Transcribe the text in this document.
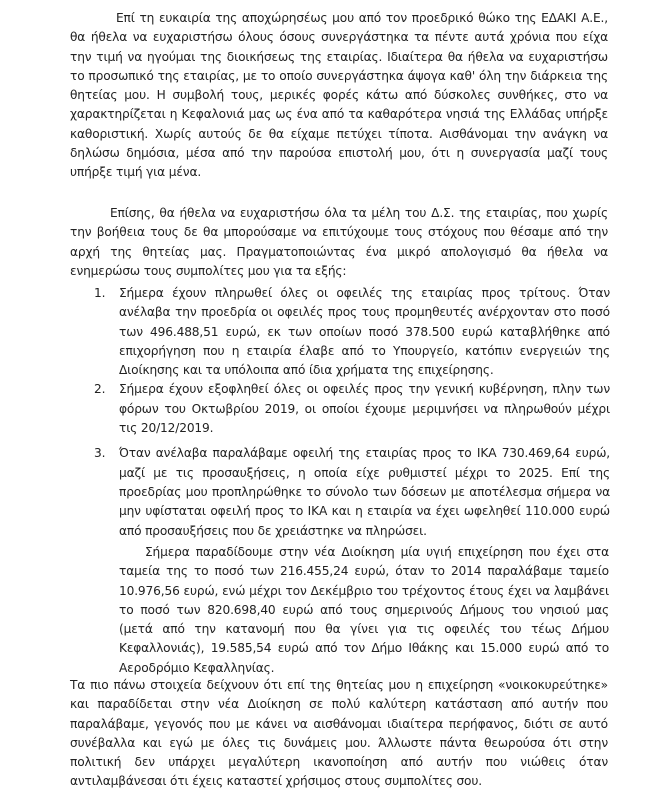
Επί τη ευκαιρία της αποχώρησέως μου από τον προεδρικό θώκο της ΕΔΑΚΙ Α.Ε., θα ήθελα να ευχαριστήσω όλους όσους συνεργάστηκα τα πέντε αυτά χρόνια που είχα την τιμή να ηγούμαι της διοικήσεως της εταιρίας. Ιδιαίτερα θα ήθελα να ευχαριστήσω το προσωπικό της εταιρίας, με το οποίο συνεργάστηκα άψογα καθ' όλη την διάρκεια της θητείας μου. Η συμβολή τους, μερικές φορές κάτω από δύσκολες συνθήκες, στο να χαρακτηρίζεται η Κεφαλονιά μας ως ένα από τα καθαρότερα νησιά της Ελλάδας υπήρξε καθοριστική. Χωρίς αυτούς δε θα είχαμε πετύχει τίποτα. Αισθάνομαι την ανάγκη να δηλώσω δημόσια, μέσα από την παρούσα επιστολή μου, ότι η συνεργασία μαζί τους υπήρξε τιμή για μένα.

Επίσης, θα ήθελα να ευχαριστήσω όλα τα μέλη του Δ.Σ. της εταιρίας, που χωρίς την βοήθεια τους δε θα μπορούσαμε να επιτύχουμε τους στόχους που θέσαμε από την αρχή της θητείας μας. Πραγματοποιώντας ένα μικρό απολογισμό θα ήθελα να ενημερώσω τους συμπολίτες μου για τα εξής:

1. Σήμερα έχουν πληρωθεί όλες οι οφειλές της εταιρίας προς τρίτους. Όταν ανέλαβα την προεδρία οι οφειλές προς τους προμηθευτές ανέρχονταν στο ποσό των 496.488,51 ευρώ, εκ των οποίων ποσό 378.500 ευρώ καταβλήθηκε από επιχορήγηση που η εταιρία έλαβε από το Υπουργείο, κατόπιν ενεργειών της Διοίκησης και τα υπόλοιπα από ίδια χρήματα της επιχείρησης.
2. Σήμερα έχουν εξοφληθεί όλες οι οφειλές προς την γενική κυβέρνηση, πλην των φόρων του Οκτωβρίου 2019, οι οποίοι έχουμε μεριμνήσει να πληρωθούν μέχρι τις 20/12/2019.
3. Όταν ανέλαβα παραλάβαμε οφειλή της εταιρίας προς το ΙΚΑ 730.469,64 ευρώ, μαζί με τις προσαυξήσεις, η οποία είχε ρυθμιστεί μέχρι το 2025. Επί της προεδρίας μου προπληρώθηκε το σύνολο των δόσεων με αποτέλεσμα σήμερα να μην υφίσταται οφειλή προς το ΙΚΑ και η εταιρία να έχει ωφεληθεί 110.000 ευρώ από προσαυξήσεις που δε χρειάστηκε να πληρώσει.

Σήμερα παραδίδουμε στην νέα Διοίκηση μία υγιή επιχείρηση που έχει στα ταμεία της το ποσό των 216.455,24 ευρώ, όταν το 2014 παραλάβαμε ταμείο 10.976,56 ευρώ, ενώ μέχρι τον Δεκέμβριο του τρέχοντος έτους έχει να λαμβάνει το ποσό των 820.698,40 ευρώ από τους σημερινούς Δήμους του νησιού μας (μετά από την κατανομή που θα γίνει για τις οφειλές του τέως Δήμου Κεφαλλονιάς), 19.585,54 ευρώ από τον Δήμο Ιθάκης και 15.000 ευρώ από το Αεροδρόμιο Κεφαλληνίας.

Τα πιο πάνω στοιχεία δείχνουν ότι επί της θητείας μου η επιχείρηση «νοικοκυρεύτηκε» και παραδίδεται στην νέα Διοίκηση σε πολύ καλύτερη κατάσταση από αυτήν που παραλάβαμε, γεγονός που με κάνει να αισθάνομαι ιδιαίτερα περήφανος, διότι σε αυτό συνέβαλλα και εγώ με όλες τις δυνάμεις μου. Άλλωστε πάντα θεωρούσα ότι στην πολιτική δεν υπάρχει μεγαλύτερη ικανοποίηση από αυτήν που νιώθεις όταν αντιλαμβάνεσαι ότι έχεις καταστεί χρήσιμος στους συμπολίτες σου.
